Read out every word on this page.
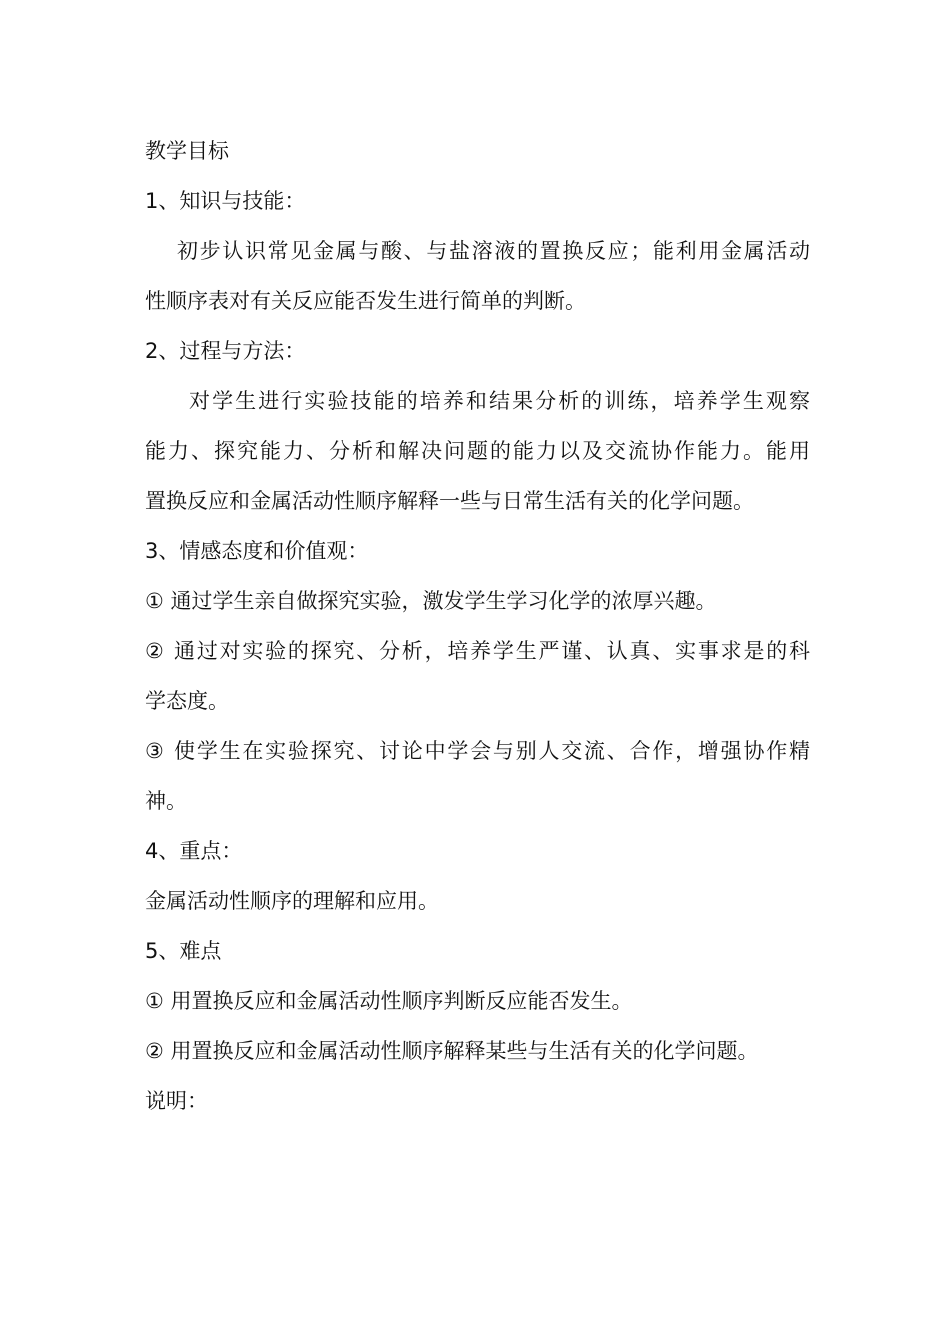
教学目标
1、知识与技能：
初步认识常见金属与酸、与盐溶液的置换反应；能利用金属活动
性顺序表对有关反应能否发生进行简单的判断。
2、过程与方法：
对学生进行实验技能的培养和结果分析的训练，培养学生观察
能力、探究能力、分析和解决问题的能力以及交流协作能力。能用
置换反应和金属活动性顺序解释一些与日常生活有关的化学问题。
3、情感态度和价值观：
① 通过学生亲自做探究实验，激发学生学习化学的浓厚兴趣。
② 通过对实验的探究、分析，培养学生严谨、认真、实事求是的科
学态度。
③ 使学生在实验探究、讨论中学会与别人交流、合作，增强协作精
神。
4、重点：
金属活动性顺序的理解和应用。
5、难点
① 用置换反应和金属活动性顺序判断反应能否发生。
② 用置换反应和金属活动性顺序解释某些与生活有关的化学问题。
说明：
